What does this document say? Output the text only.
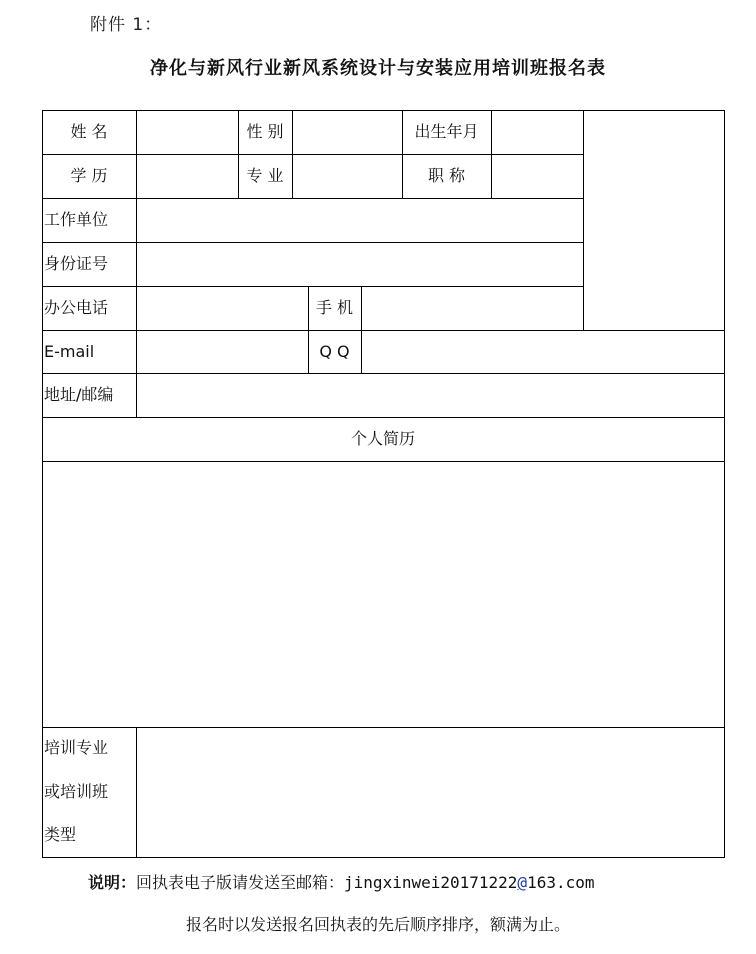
附件 1：
净化与新风行业新风系统设计与安装应用培训班报名表
姓 名	性 别	出生年月
学 历	专 业	职 称
工作单位
身份证号
办公电话	手 机
E-mail	Q Q
地址/邮编
个人简历
培训专业
或培训班
类型
说明：回执表电子版请发送至邮箱：jingxinwei20171222@163.com
报名时以发送报名回执表的先后顺序排序，额满为止。
